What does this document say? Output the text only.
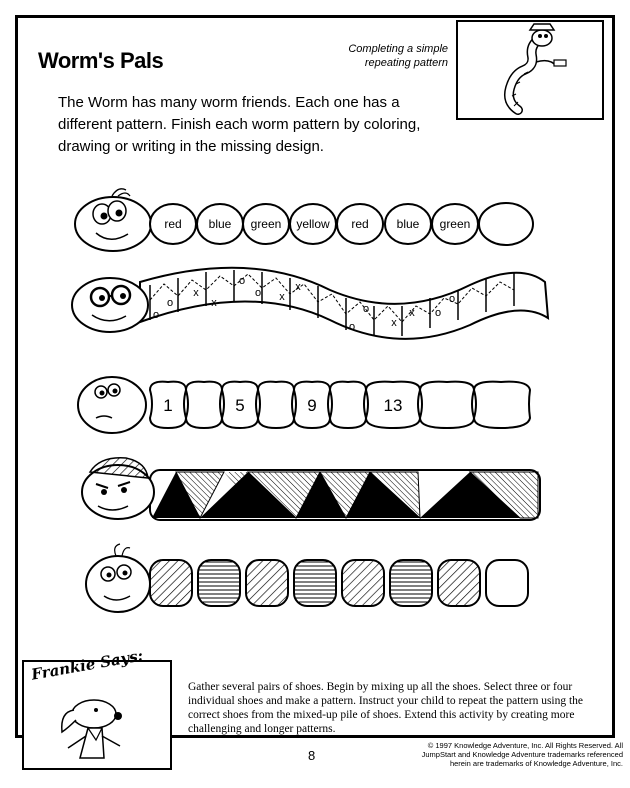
Worm's Pals	Completing a simple
repeating pattern
The Worm has many worm friends. Each one has a different pattern. Finish each worm pattern by coloring, drawing or writing in the missing design.
red blue green yellow red blue green
o
o
x
x
o
o x
x
o
o
x
x o
o
1	5	9	13
Frankie Says:
Gather several pairs of shoes. Begin by mixing up all the shoes. Select three or four individual shoes and make a pattern. Instruct your child to repeat the pattern using the correct shoes from the mixed-up pile of shoes. Extend this activity by creating more challenging and longer patterns.
8
© 1997 Knowledge Adventure, Inc. All Rights Reserved. All
JumpStart and Knowledge Adventure trademarks referenced
herein are trademarks of Knowledge Adventure, Inc.
